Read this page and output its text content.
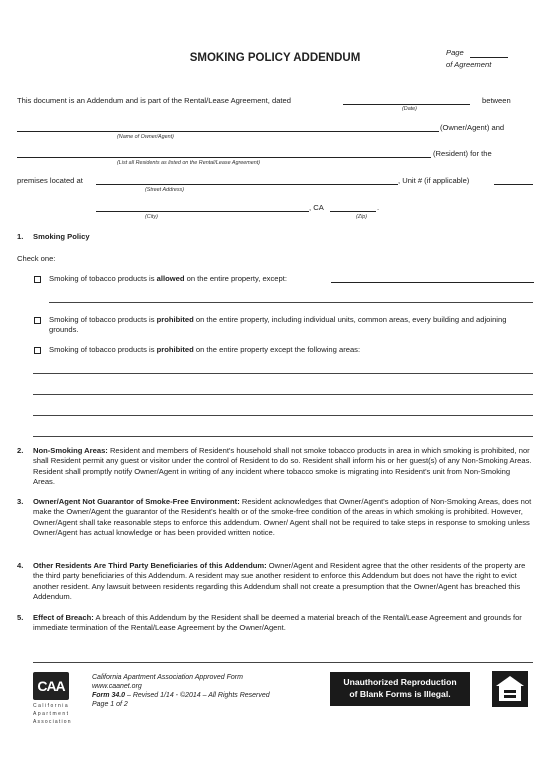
SMOKING POLICY ADDENDUM	Page
of Agreement
This document is an Addendum and is part of the Rental/Lease Agreement, dated	between
(Date)
(Owner/Agent) and
(Name of Owner/Agent)
(Resident) for the
(List all Residents as listed on the Rental/Lease Agreement)
premises located at	, Unit # (if applicable)
(Street Address)
, CA	.
(City)	(Zip)
1. Smoking Policy
Check one:
Smoking of tobacco products is allowed on the entire property, except:
Smoking of tobacco products is prohibited on the entire property, including individual units, common areas, every building and adjoining grounds.
Smoking of tobacco products is prohibited on the entire property except the following areas:
2. Non-Smoking Areas: Resident and members of Resident's household shall not smoke tobacco products in area in which smoking is prohibited, nor shall Resident permit any guest or visitor under the control of Resident to do so. Resident shall inform his or her guest(s) of any Non-Smoking Areas. Resident shall promptly notify Owner/Agent in writing of any incident where tobacco smoke is migrating into Resident's unit from Non-Smoking Areas.
3. Owner/Agent Not Guarantor of Smoke-Free Environment: Resident acknowledges that Owner/Agent's adoption of Non-Smoking Areas, does not make the Owner/Agent the guarantor of the Resident's health or of the smoke-free condition of the areas in which smoking is prohibited. However, Owner/Agent shall take reasonable steps to enforce this addendum. Owner/ Agent shall not be required to take steps in response to smoking unless Owner/Agent has actual knowledge or has been provided written notice.
4. Other Residents Are Third Party Beneficiaries of this Addendum: Owner/Agent and Resident agree that the other residents of the property are the third party beneficiaries of this Addendum. A resident may sue another resident to enforce this Addendum but does not have the right to evict another resident. Any lawsuit between residents regarding this Addendum shall not create a presumption that the Owner/Agent has breached this Addendum.
5. Effect of Breach: A breach of this Addendum by the Resident shall be deemed a material breach of the Rental/Lease Agreement and grounds for immediate termination of the Rental/Lease Agreement by the Owner/Agent.
CAA
California
Apartment
Association
California Apartment Association Approved Form
www.caanet.org
Form 34.0 – Revised 1/14 - ©2014 – All Rights Reserved
Page 1 of 2
Unauthorized Reproduction
of Blank Forms is Illegal.
